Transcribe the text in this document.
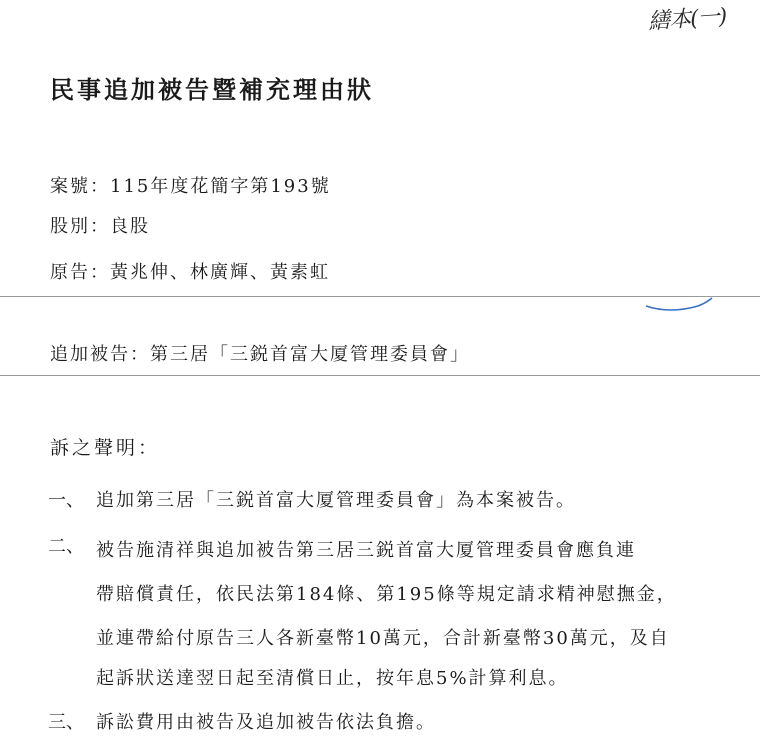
繕本(一)
民事追加被告暨補充理由狀
案號：115年度花簡字第193號
股別：良股
原告：黃兆伸、林廣輝、黃素虹
追加被告：第三居「三鋭首富大厦管理委員會」
訴之聲明：
一、 追加第三居「三鋭首富大厦管理委員會」為本案被告。
二、 被告施清祥與追加被告第三居三鋭首富大厦管理委員會應負連
帶賠償責任，依民法第184條、第195條等規定請求精神慰撫金，
並連帶給付原告三人各新臺幣10萬元，合計新臺幣30萬元，及自
起訴狀送達翌日起至清償日止，按年息5%計算利息。
三、 訴訟費用由被告及追加被告依法負擔。
